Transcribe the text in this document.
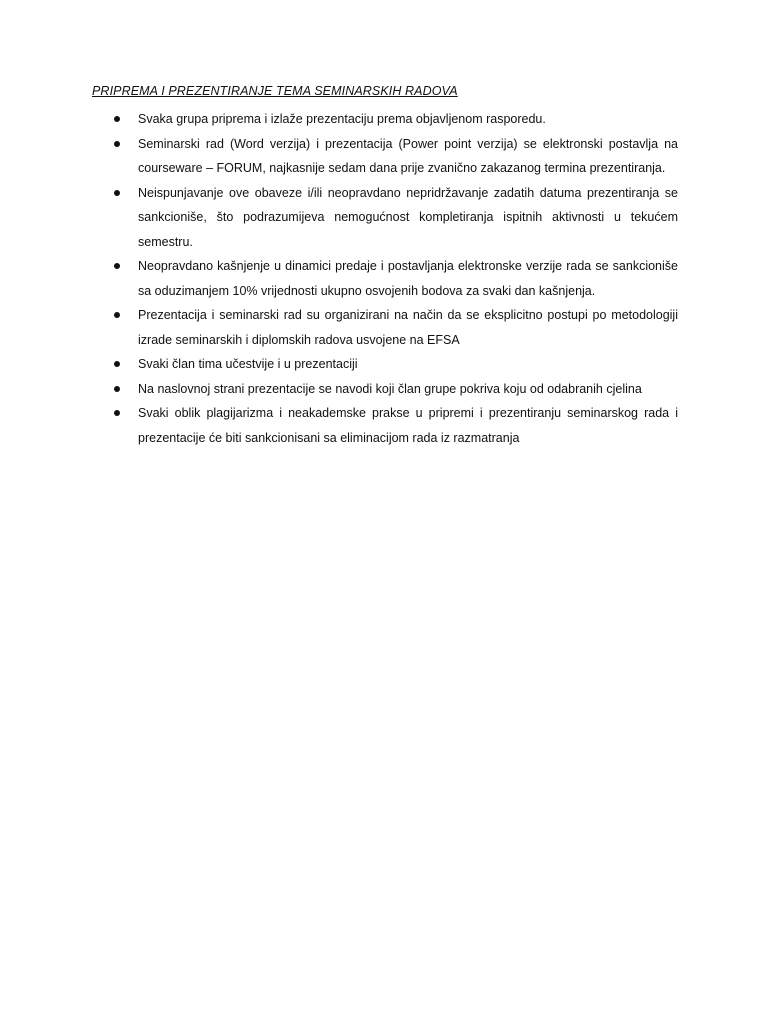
PRIPREMA I PREZENTIRANJE TEMA SEMINARSKIH RADOVA
Svaka grupa priprema i izlaže prezentaciju prema objavljenom rasporedu.
Seminarski rad (Word verzija) i prezentacija (Power point verzija) se elektronski postavlja na courseware – FORUM, najkasnije sedam dana prije zvanično zakazanog termina prezentiranja.
Neispunjavanje ove obaveze i/ili neopravdano nepridržavanje zadatih datuma prezentiranja se sankcioniše, što podrazumijeva nemogućnost kompletiranja ispitnih aktivnosti u tekućem semestru.
Neopravdano kašnjenje u dinamici predaje i postavljanja elektronske verzije rada se sankcioniše sa oduzimanjem 10% vrijednosti ukupno osvojenih bodova za svaki dan kašnjenja.
Prezentacija i seminarski rad su organizirani na način da se eksplicitno postupi po metodologiji izrade seminarskih i diplomskih radova usvojene na EFSA
Svaki član tima učestvije i u prezentaciji
Na naslovnoj strani prezentacije se navodi koji član grupe pokriva koju od odabranih cjelina
Svaki oblik plagijarizma i neakademske prakse u pripremi i prezentiranju seminarskog rada i prezentacije će biti sankcionisani sa eliminacijom rada iz razmatranja
